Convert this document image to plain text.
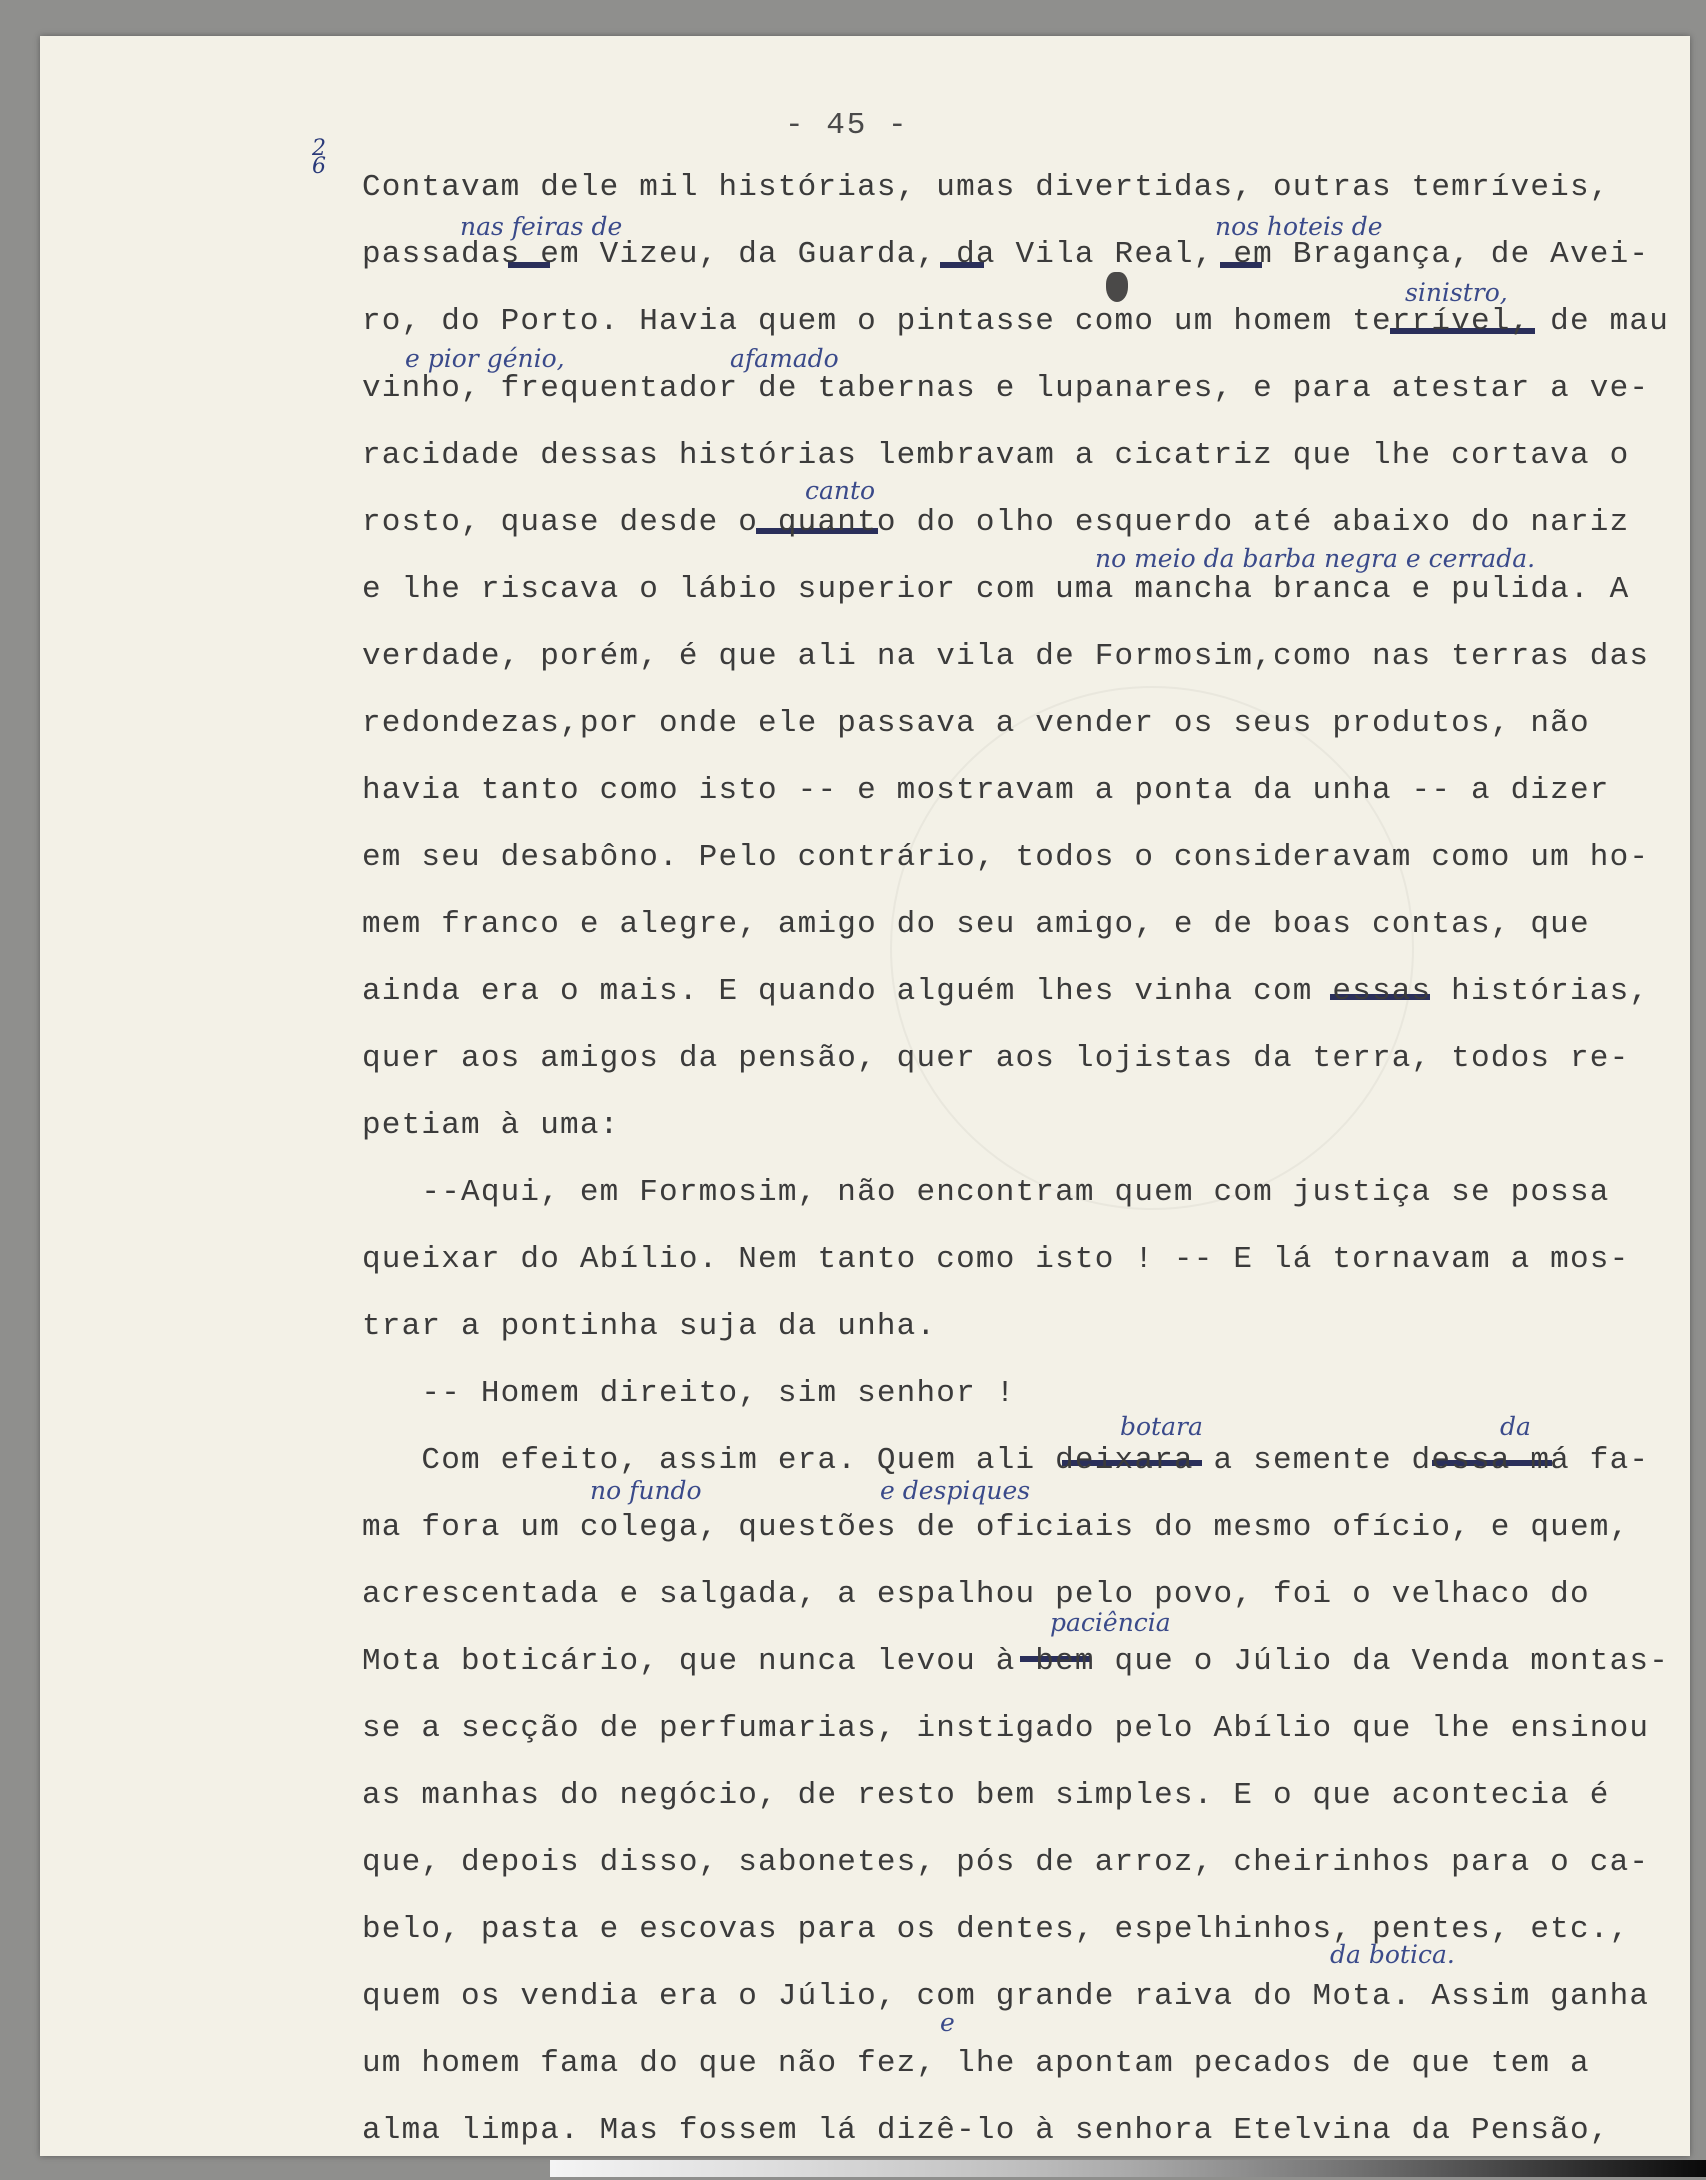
- 45 -
2 6
nas feiras de	nos hoteis de
sinistro,
e pior génio,	afamado
canto
no meio da barba negra e cerrada.
botara	da
no fundo	e despiques
paciência
da botica.
e
Contavam dele mil histórias, umas divertidas, outras temríveis,
passadas em Vizeu, da Guarda, da Vila Real, em Bragança, de Avei-
ro, do Porto. Havia quem o pintasse como um homem terrível, de mau
vinho, frequentador de tabernas e lupanares, e para atestar a ve-
racidade dessas histórias lembravam a cicatriz que lhe cortava o
rosto, quase desde o quanto do olho esquerdo até abaixo do nariz
e lhe riscava o lábio superior com uma mancha branca e pulida. A
verdade, porém, é que ali na vila de Formosim,como nas terras das
redondezas,por onde ele passava a vender os seus produtos, não
havia tanto como isto -- e mostravam a ponta da unha -- a dizer
em seu desabôno. Pelo contrário, todos o consideravam como um ho-
mem franco e alegre, amigo do seu amigo, e de boas contas, que
ainda era o mais. E quando alguém lhes vinha com essas histórias,
quer aos amigos da pensão, quer aos lojistas da terra, todos re-
petiam à uma:
--Aqui, em Formosim, não encontram quem com justiça se possa
queixar do Abílio. Nem tanto como isto ! -- E lá tornavam a mos-
trar a pontinha suja da unha.
-- Homem direito, sim senhor !
Com efeito, assim era. Quem ali deixara a semente dessa má fa-
ma fora um colega, questões de oficiais do mesmo ofício, e quem,
acrescentada e salgada, a espalhou pelo povo, foi o velhaco do
Mota boticário, que nunca levou à bem que o Júlio da Venda montas-
se a secção de perfumarias, instigado pelo Abílio que lhe ensinou
as manhas do negócio, de resto bem simples. E o que acontecia é
que, depois disso, sabonetes, pós de arroz, cheirinhos para o ca-
belo, pasta e escovas para os dentes, espelhinhos, pentes, etc.,
quem os vendia era o Júlio, com grande raiva do Mota. Assim ganha
um homem fama do que não fez, lhe apontam pecados de que tem a
alma limpa. Mas fossem lá dizê-lo à senhora Etelvina da Pensão,
